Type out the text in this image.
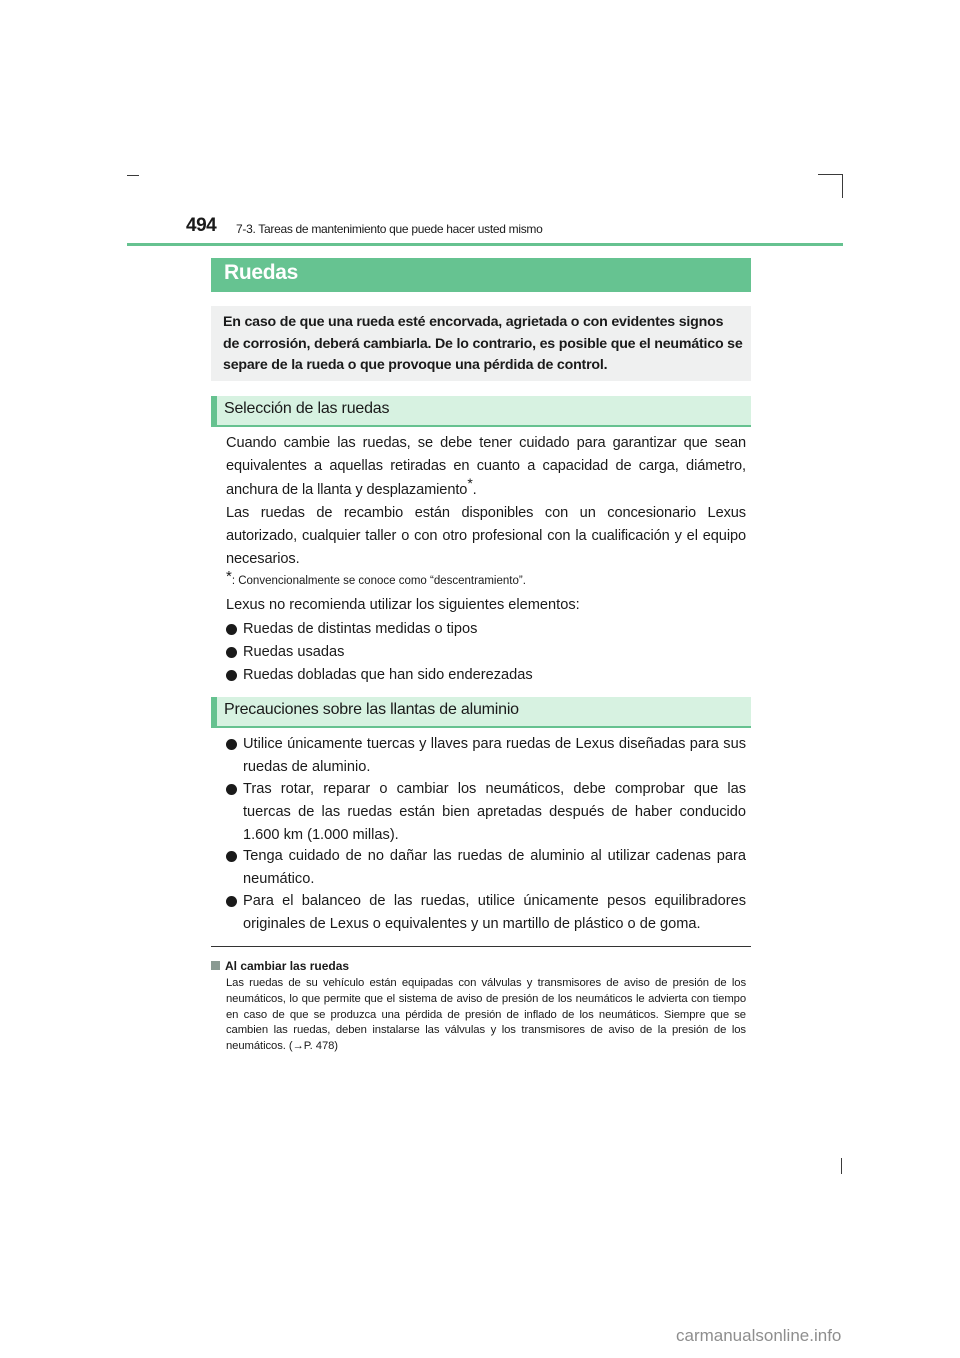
494 7-3. Tareas de mantenimiento que puede hacer usted mismo
Ruedas

En caso de que una rueda esté encorvada, agrietada o con evidentes signos de corrosión, deberá cambiarla. De lo contrario, es posible que el neumático se separe de la rueda o que provoque una pérdida de control.

Selección de las ruedas

Cuando cambie las ruedas, se debe tener cuidado para garantizar que sean equivalentes a aquellas retiradas en cuanto a capacidad de carga, diámetro, anchura de la llanta y desplazamiento*.

Las ruedas de recambio están disponibles con un concesionario Lexus autorizado, cualquier taller o con otro profesional con la cualificación y el equipo necesarios.

*: Convencionalmente se conoce como “descentramiento”.
Lexus no recomienda utilizar los siguientes elementos:
Ruedas de distintas medidas o tipos
Ruedas usadas
Ruedas dobladas que han sido enderezadas
Precauciones sobre las llantas de aluminio
Utilice únicamente tuercas y llaves para ruedas de Lexus diseñadas para sus ruedas de aluminio.
Tras rotar, reparar o cambiar los neumáticos, debe comprobar que las tuercas de las ruedas están bien apretadas después de haber conducido 1.600 km (1.000 millas).
Tenga cuidado de no dañar las ruedas de aluminio al utilizar cadenas para neumático.
Para el balanceo de las ruedas, utilice únicamente pesos equilibradores originales de Lexus o equivalentes y un martillo de plástico o de goma.
Al cambiar las ruedas
Las ruedas de su vehículo están equipadas con válvulas y transmisores de aviso de presión de los neumáticos, lo que permite que el sistema de aviso de presión de los neumáticos le advierta con tiempo en caso de que se produzca una pérdida de presión de inflado de los neumáticos. Siempre que se cambien las ruedas, deben instalarse las válvulas y los transmisores de aviso de la presión de los neumáticos. (→P. 478)
carmanualsonline.info
